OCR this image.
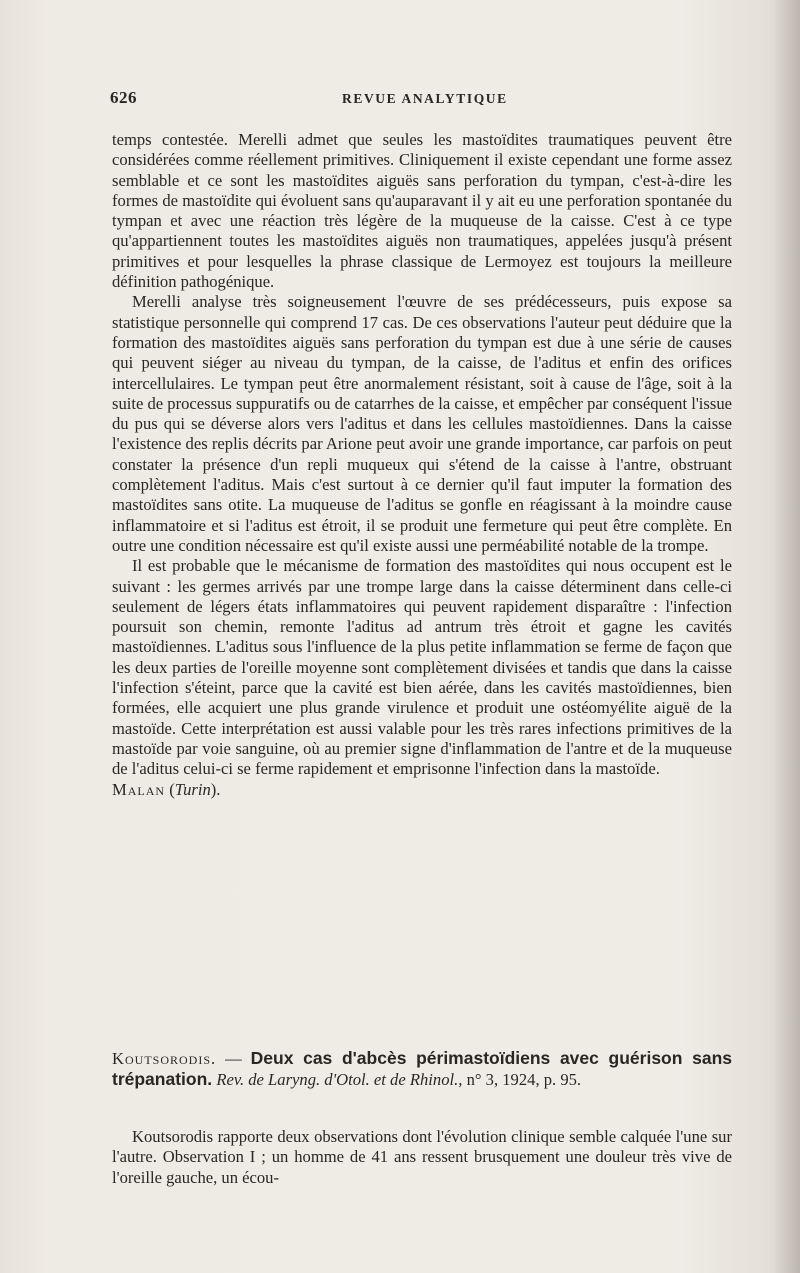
626	REVUE ANALYTIQUE

temps contestée. Merelli admet que seules les mastoïdites traumatiques peuvent être considérées comme réellement primitives. Cliniquement il existe cependant une forme assez semblable et ce sont les mastoïdites aiguës sans perforation du tympan, c'est-à-dire les formes de mastoïdite qui évoluent sans qu'auparavant il y ait eu une perforation spontanée du tympan et avec une réaction très légère de la muqueuse de la caisse. C'est à ce type qu'appartiennent toutes les mastoïdites aiguës non traumatiques, appelées jusqu'à présent primitives et pour lesquelles la phrase classique de Lermoyez est toujours la meilleure définition pathogénique.

Merelli analyse très soigneusement l'œuvre de ses prédécesseurs, puis expose sa statistique personnelle qui comprend 17 cas. De ces observations l'auteur peut déduire que la formation des mastoïdites aiguës sans perforation du tympan est due à une série de causes qui peuvent siéger au niveau du tympan, de la caisse, de l'aditus et enfin des orifices intercellulaires. Le tympan peut être anormalement résistant, soit à cause de l'âge, soit à la suite de processus suppuratifs ou de catarrhes de la caisse, et empêcher par conséquent l'issue du pus qui se déverse alors vers l'aditus et dans les cellules mastoïdiennes. Dans la caisse l'existence des replis décrits par Arione peut avoir une grande importance, car parfois on peut constater la présence d'un repli muqueux qui s'étend de la caisse à l'antre, obstruant complètement l'aditus. Mais c'est surtout à ce dernier qu'il faut imputer la formation des mastoïdites sans otite. La muqueuse de l'aditus se gonfle en réagissant à la moindre cause inflammatoire et si l'aditus est étroit, il se produit une fermeture qui peut être complète. En outre une condition nécessaire est qu'il existe aussi une perméabilité notable de la trompe.

Il est probable que le mécanisme de formation des mastoïdites qui nous occupent est le suivant : les germes arrivés par une trompe large dans la caisse déterminent dans celle-ci seulement de légers états inflammatoires qui peuvent rapidement disparaître : l'infection poursuit son chemin, remonte l'aditus ad antrum très étroit et gagne les cavités mastoïdiennes. L'aditus sous l'influence de la plus petite inflammation se ferme de façon que les deux parties de l'oreille moyenne sont complètement divisées et tandis que dans la caisse l'infection s'éteint, parce que la cavité est bien aérée, dans les cavités mastoïdiennes, bien formées, elle acquiert une plus grande virulence et produit une ostéomyélite aiguë de la mastoïde. Cette interprétation est aussi valable pour les très rares infections primitives de la mastoïde par voie sanguine, où au premier signe d'inflammation de l'antre et de la muqueuse de l'aditus celui-ci se ferme rapidement et emprisonne l'infection dans la mastoïde.

Malan (Turin).

Koutsorodis. — Deux cas d'abcès périmastoïdiens avec guérison sans trépanation. Rev. de Laryng. d'Otol. et de Rhinol., n° 3, 1924, p. 95.
Koutsorodis rapporte deux observations dont l'évolution clinique semble calquée l'une sur l'autre. Observation I ; un homme de 41 ans ressent brusquement une douleur très vive de l'oreille gauche, un écou-
